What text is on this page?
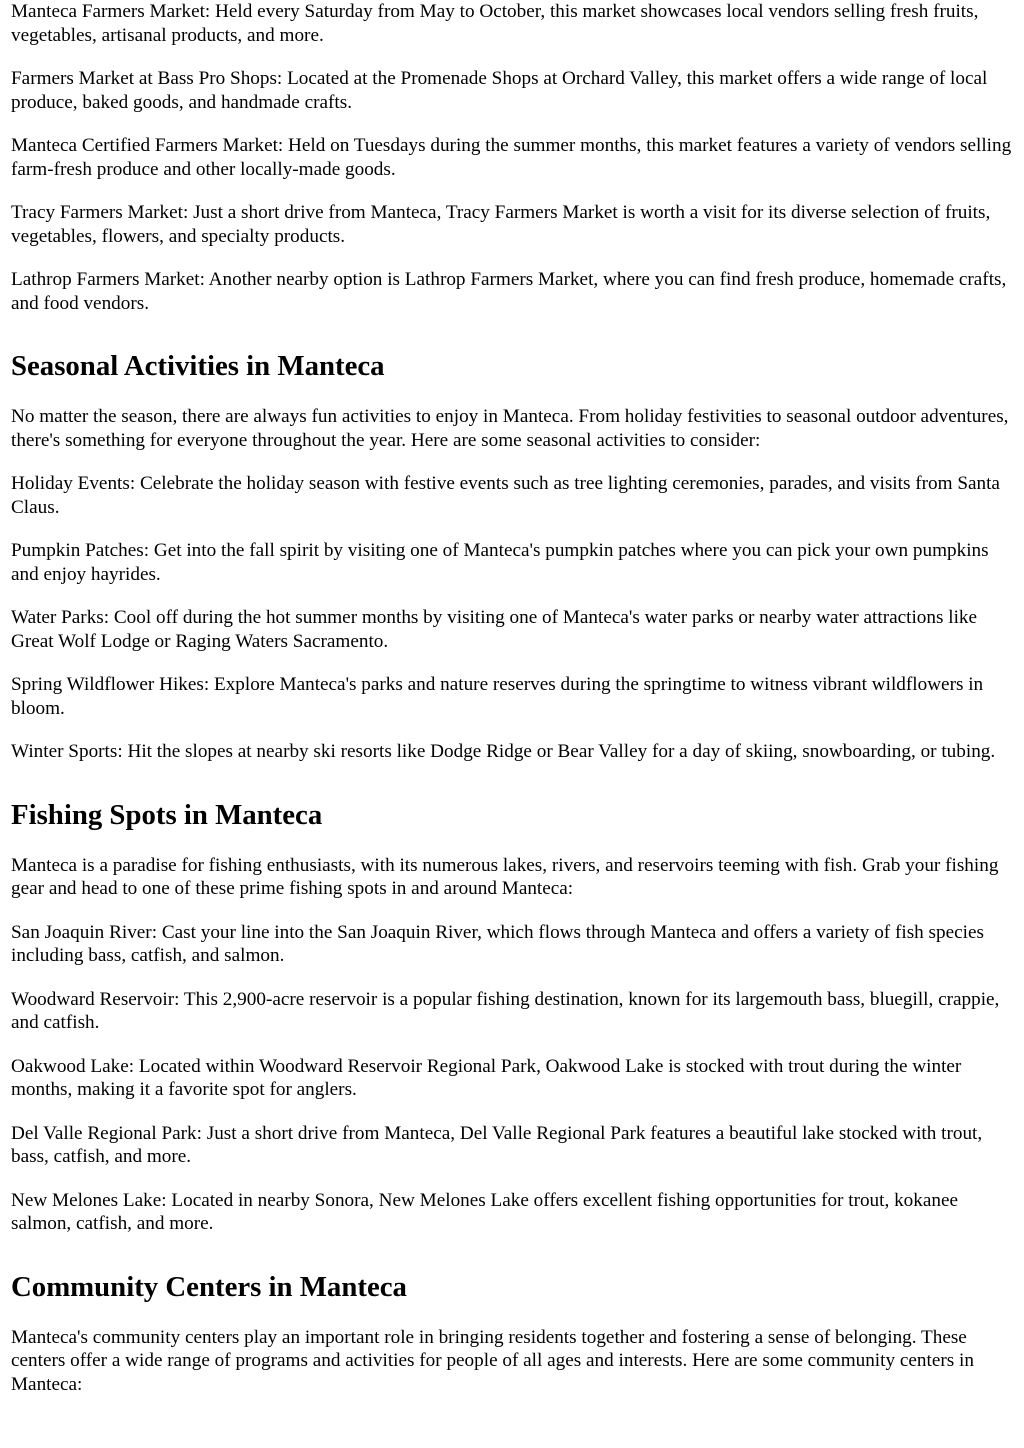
Manteca Farmers Market: Held every Saturday from May to October, this market showcases local vendors selling fresh fruits, vegetables, artisanal products, and more.

Farmers Market at Bass Pro Shops: Located at the Promenade Shops at Orchard Valley, this market offers a wide range of local produce, baked goods, and handmade crafts.

Manteca Certified Farmers Market: Held on Tuesdays during the summer months, this market features a variety of vendors selling farm-fresh produce and other locally-made goods.

Tracy Farmers Market: Just a short drive from Manteca, Tracy Farmers Market is worth a visit for its diverse selection of fruits, vegetables, flowers, and specialty products.

Lathrop Farmers Market: Another nearby option is Lathrop Farmers Market, where you can find fresh produce, homemade crafts, and food vendors.

Seasonal Activities in Manteca

No matter the season, there are always fun activities to enjoy in Manteca. From holiday festivities to seasonal outdoor adventures, there's something for everyone throughout the year. Here are some seasonal activities to consider:

Holiday Events: Celebrate the holiday season with festive events such as tree lighting ceremonies, parades, and visits from Santa Claus.

Pumpkin Patches: Get into the fall spirit by visiting one of Manteca's pumpkin patches where you can pick your own pumpkins and enjoy hayrides.

Water Parks: Cool off during the hot summer months by visiting one of Manteca's water parks or nearby water attractions like Great Wolf Lodge or Raging Waters Sacramento.

Spring Wildflower Hikes: Explore Manteca's parks and nature reserves during the springtime to witness vibrant wildflowers in bloom.

Winter Sports: Hit the slopes at nearby ski resorts like Dodge Ridge or Bear Valley for a day of skiing, snowboarding, or tubing.

Fishing Spots in Manteca

Manteca is a paradise for fishing enthusiasts, with its numerous lakes, rivers, and reservoirs teeming with fish. Grab your fishing gear and head to one of these prime fishing spots in and around Manteca:

San Joaquin River: Cast your line into the San Joaquin River, which flows through Manteca and offers a variety of fish species including bass, catfish, and salmon.

Woodward Reservoir: This 2,900-acre reservoir is a popular fishing destination, known for its largemouth bass, bluegill, crappie, and catfish.

Oakwood Lake: Located within Woodward Reservoir Regional Park, Oakwood Lake is stocked with trout during the winter months, making it a favorite spot for anglers.

Del Valle Regional Park: Just a short drive from Manteca, Del Valle Regional Park features a beautiful lake stocked with trout, bass, catfish, and more.

New Melones Lake: Located in nearby Sonora, New Melones Lake offers excellent fishing opportunities for trout, kokanee salmon, catfish, and more.

Community Centers in Manteca

Manteca's community centers play an important role in bringing residents together and fostering a sense of belonging. These centers offer a wide range of programs and activities for people of all ages and interests. Here are some community centers in Manteca:
